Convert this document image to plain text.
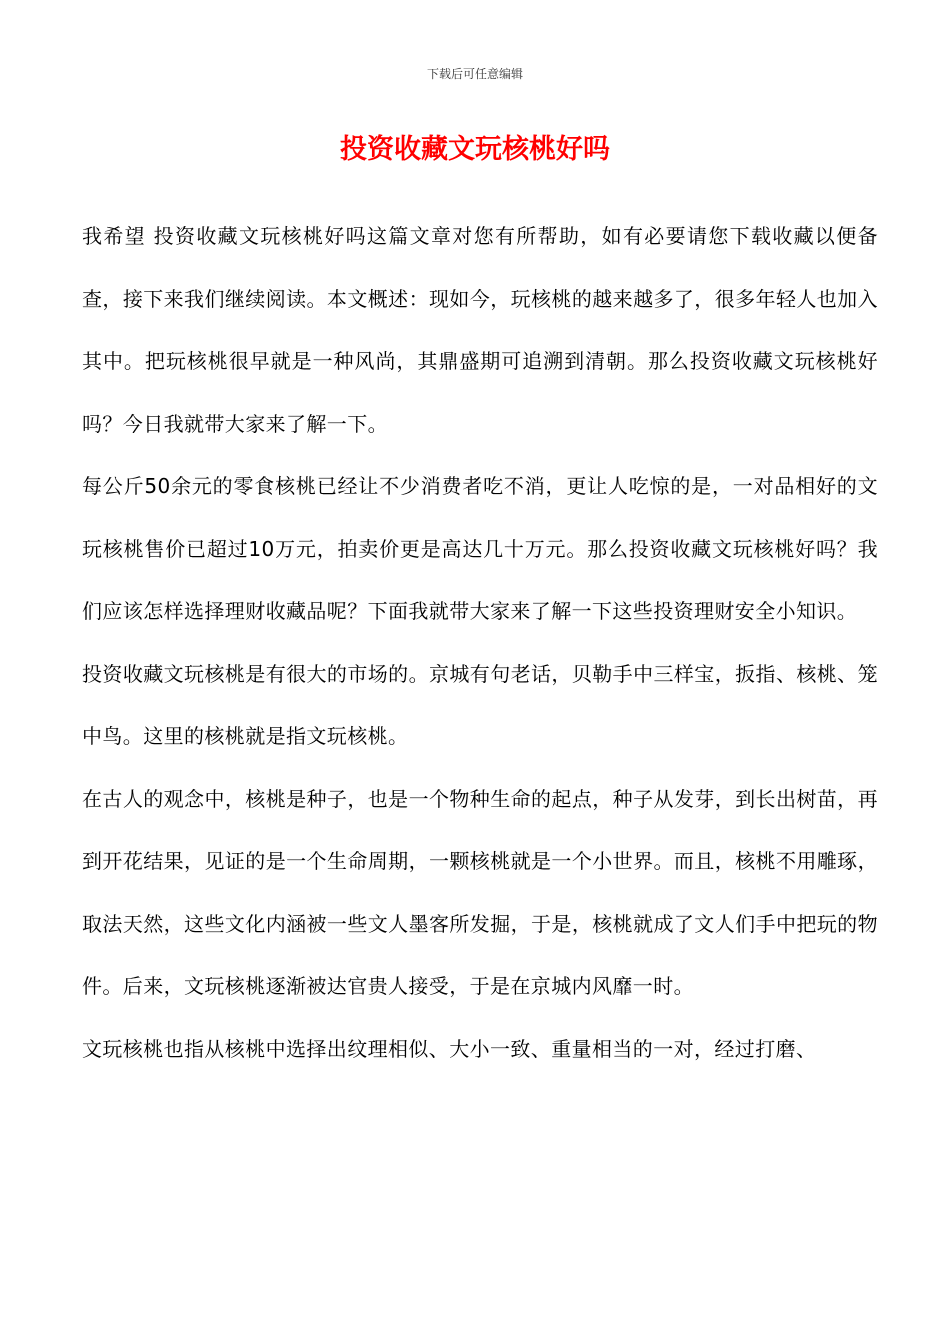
下载后可任意编辑
投资收藏文玩核桃好吗

我希望 投资收藏文玩核桃好吗这篇文章对您有所帮助，如有必要请您下载收藏以便备查，接下来我们继续阅读。本文概述：现如今，玩核桃的越来越多了，很多年轻人也加入其中。把玩核桃很早就是一种风尚，其鼎盛期可追溯到清朝。那么投资收藏文玩核桃好吗？今日我就带大家来了解一下。

每公斤50余元的零食核桃已经让不少消费者吃不消，更让人吃惊的是，一对品相好的文玩核桃售价已超过10万元，拍卖价更是高达几十万元。那么投资收藏文玩核桃好吗？我们应该怎样选择理财收藏品呢？下面我就带大家来了解一下这些投资理财安全小知识。

投资收藏文玩核桃是有很大的市场的。京城有句老话，贝勒手中三样宝，扳指、核桃、笼中鸟。这里的核桃就是指文玩核桃。

在古人的观念中，核桃是种子，也是一个物种生命的起点，种子从发芽，到长出树苗，再到开花结果，见证的是一个生命周期，一颗核桃就是一个小世界。而且，核桃不用雕琢，取法天然，这些文化内涵被一些文人墨客所发掘，于是，核桃就成了文人们手中把玩的物件。后来，文玩核桃逐渐被达官贵人接受，于是在京城内风靡一时。

文玩核桃也指从核桃中选择出纹理相似、大小一致、重量相当的一对，经过打磨、
